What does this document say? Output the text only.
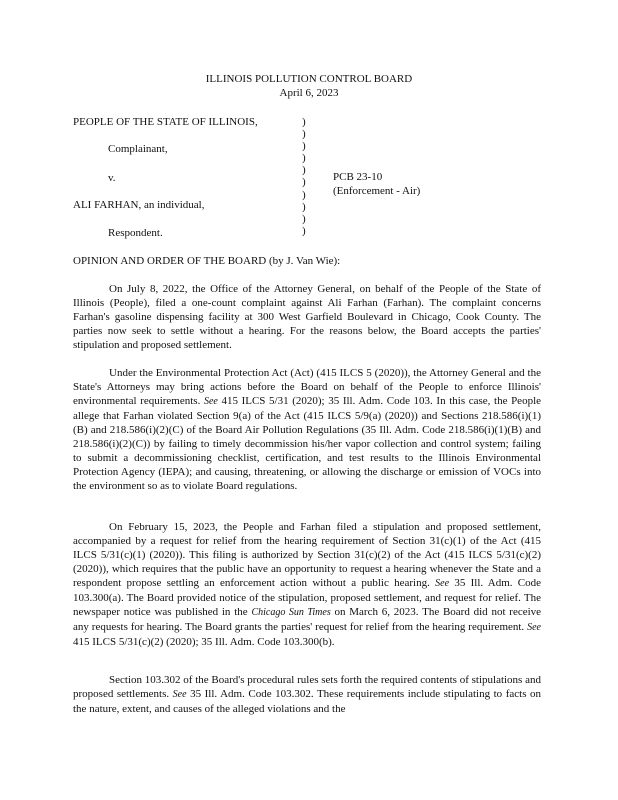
ILLINOIS POLLUTION CONTROL BOARD
April 6, 2023
PEOPLE OF THE STATE OF ILLINOIS,
Complainant,
v.
ALI FARHAN, an individual,
Respondent.
)
)
)
)
)
)
)
)
)
)
PCB 23-10
(Enforcement - Air)
OPINION AND ORDER OF THE BOARD (by J. Van Wie):
On July 8, 2022, the Office of the Attorney General, on behalf of the People of the State of Illinois (People), filed a one-count complaint against Ali Farhan (Farhan). The complaint concerns Farhan's gasoline dispensing facility at 300 West Garfield Boulevard in Chicago, Cook County. The parties now seek to settle without a hearing. For the reasons below, the Board accepts the parties' stipulation and proposed settlement.
Under the Environmental Protection Act (Act) (415 ILCS 5 (2020)), the Attorney General and the State's Attorneys may bring actions before the Board on behalf of the People to enforce Illinois' environmental requirements. See 415 ILCS 5/31 (2020); 35 Ill. Adm. Code 103. In this case, the People allege that Farhan violated Section 9(a) of the Act (415 ILCS 5/9(a) (2020)) and Sections 218.586(i)(1)(B) and 218.586(i)(2)(C) of the Board Air Pollution Regulations (35 Ill. Adm. Code 218.586(i)(1)(B) and 218.586(i)(2)(C)) by failing to timely decommission his/her vapor collection and control system; failing to submit a decommissioning checklist, certification, and test results to the Illinois Environmental Protection Agency (IEPA); and causing, threatening, or allowing the discharge or emission of VOCs into the environment so as to violate Board regulations.
On February 15, 2023, the People and Farhan filed a stipulation and proposed settlement, accompanied by a request for relief from the hearing requirement of Section 31(c)(1) of the Act (415 ILCS 5/31(c)(1) (2020)). This filing is authorized by Section 31(c)(2) of the Act (415 ILCS 5/31(c)(2) (2020)), which requires that the public have an opportunity to request a hearing whenever the State and a respondent propose settling an enforcement action without a public hearing. See 35 Ill. Adm. Code 103.300(a). The Board provided notice of the stipulation, proposed settlement, and request for relief. The newspaper notice was published in the Chicago Sun Times on March 6, 2023. The Board did not receive any requests for hearing. The Board grants the parties' request for relief from the hearing requirement. See 415 ILCS 5/31(c)(2) (2020); 35 Ill. Adm. Code 103.300(b).
Section 103.302 of the Board's procedural rules sets forth the required contents of stipulations and proposed settlements. See 35 Ill. Adm. Code 103.302. These requirements include stipulating to facts on the nature, extent, and causes of the alleged violations and the
